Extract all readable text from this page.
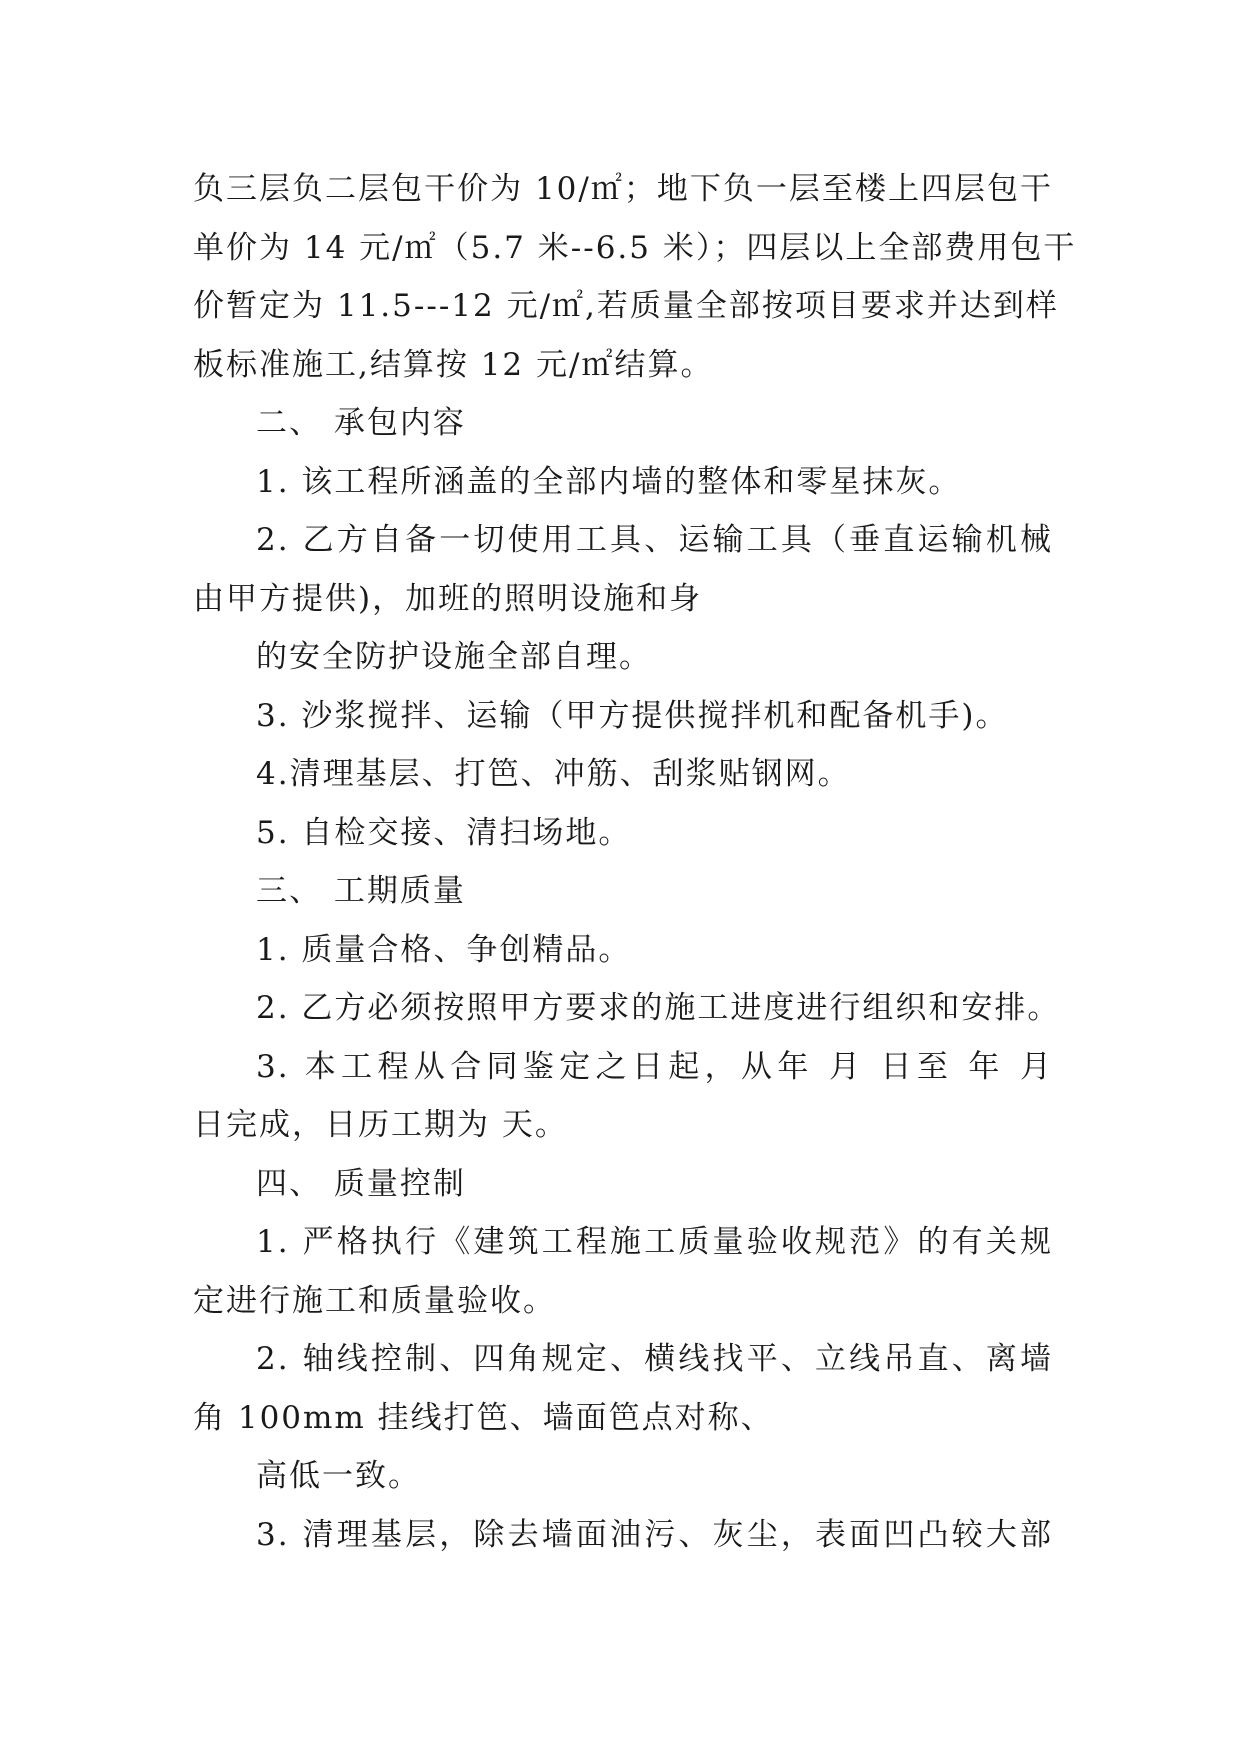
负三层负二层包干价为 10/㎡；地下负一层至楼上四层包干
单价为 14 元/㎡（5.7 米--6.5 米）；四层以上全部费用包干
价暂定为 11.5---12 元/㎡,若质量全部按项目要求并达到样
板标准施工,结算按 12 元/㎡结算。
二、 承包内容
1. 该工程所涵盖的全部内墙的整体和零星抹灰。
2. 乙方自备一切使用工具、运输工具（垂直运输机械
由甲方提供)，加班的照明设施和身
的安全防护设施全部自理。
3. 沙浆搅拌、运输（甲方提供搅拌机和配备机手)。
4.清理基层、打笆、冲筋、刮浆贴钢网。
5. 自检交接、清扫场地。
三、 工期质量
1. 质量合格、争创精品。
2. 乙方必须按照甲方要求的施工进度进行组织和安排。
3. 本工程从合同鉴定之日起，从年 月 日至 年 月
日完成，日历工期为 天。
四、 质量控制
1. 严格执行《建筑工程施工质量验收规范》的有关规
定进行施工和质量验收。
2. 轴线控制、四角规定、横线找平、立线吊直、离墙
角 100mm 挂线打笆、墙面笆点对称、
高低一致。
3. 清理基层，除去墙面油污、灰尘，表面凹凸较大部
